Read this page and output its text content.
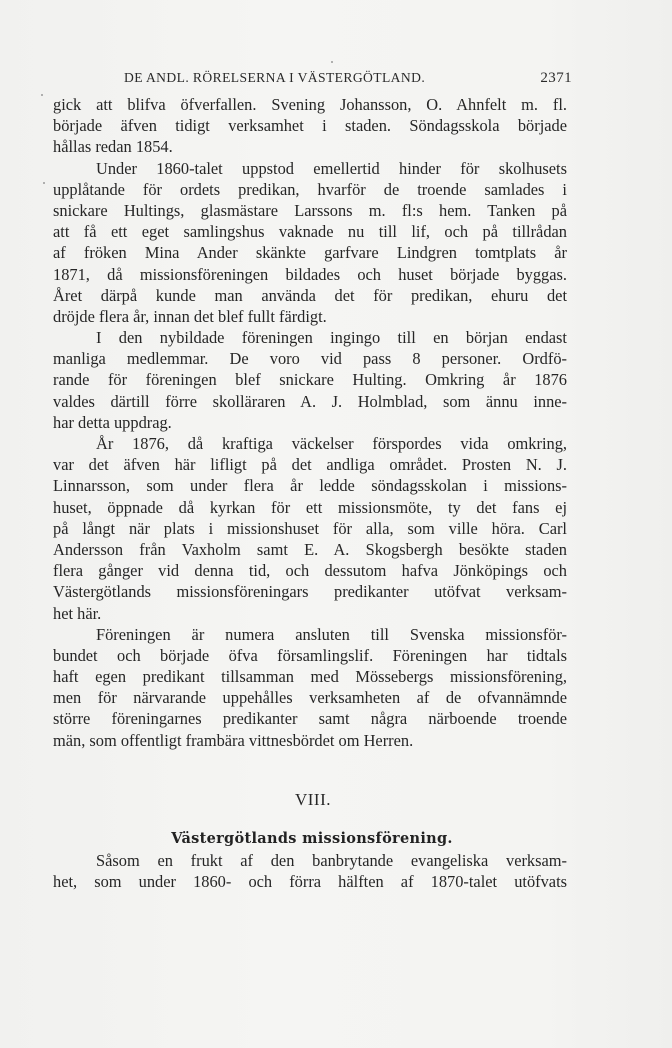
DE ANDL. RÖRELSERNA I VÄSTERGÖTLAND.	2371
gick att blifva öfverfallen. Svening Johansson, O. Ahnfelt m. fl.
började äfven tidigt verksamhet i staden. Söndagsskola började
hållas redan 1854.
Under 1860-talet uppstod emellertid hinder för skolhusets
upplåtande för ordets predikan, hvarför de troende samlades i
snickare Hultings, glasmästare Larssons m. fl:s hem. Tanken på
att få ett eget samlingshus vaknade nu till lif, och på tillrådan
af fröken Mina Ander skänkte garfvare Lindgren tomtplats år
1871, då missionsföreningen bildades och huset började byggas.
Året därpå kunde man använda det för predikan, ehuru det
dröjde flera år, innan det blef fullt färdigt.
I den nybildade föreningen ingingo till en början endast
manliga medlemmar. De voro vid pass 8 personer. Ordfö-
rande för föreningen blef snickare Hulting. Omkring år 1876
valdes därtill förre skolläraren A. J. Holmblad, som ännu inne-
har detta uppdrag.
År 1876, då kraftiga väckelser förspordes vida omkring,
var det äfven här lifligt på det andliga området. Prosten N. J.
Linnarsson, som under flera år ledde söndagsskolan i missions-
huset, öppnade då kyrkan för ett missionsmöte, ty det fans ej
på långt när plats i missionshuset för alla, som ville höra. Carl
Andersson från Vaxholm samt E. A. Skogsbergh besökte staden
flera gånger vid denna tid, och dessutom hafva Jönköpings och
Västergötlands missionsföreningars predikanter utöfvat verksam-
het här.
Föreningen är numera ansluten till Svenska missionsför-
bundet och började öfva församlingslif. Föreningen har tidtals
haft egen predikant tillsamman med Mössebergs missionsförening,
men för närvarande uppehålles verksamheten af de ofvannämnde
större föreningarnes predikanter samt några närboende troende
män, som offentligt frambära vittnesbördet om Herren.
VIII.
Västergötlands missionsförening.
Såsom en frukt af den banbrytande evangeliska verksam-
het, som under 1860- och förra hälften af 1870-talet utöfvats
